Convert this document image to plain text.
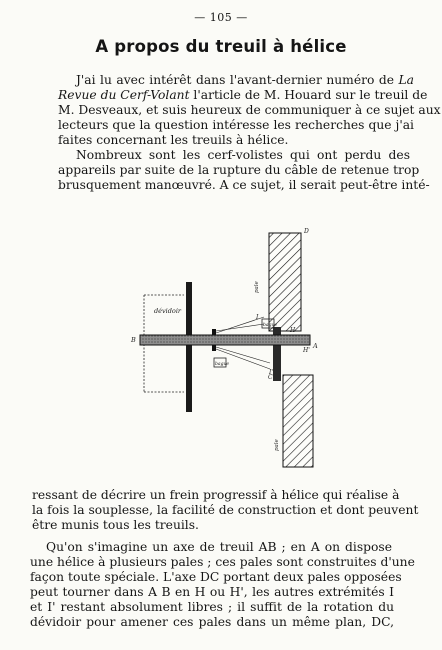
— 105 —
A propos du treuil à hélice
J'ai lu avec intérêt dans l'avant-dernier numéro de La
Revue du Cerf-Volant l'article de M. Houard sur le treuil de
M. Desveaux, et suis heureux de communiquer à ce sujet aux
lecteurs que la question intéresse les recherches que j'ai
faites concernant les treuils à hélice.
Nombreux sont les cerf-volistes qui ont perdu des
appareils par suite de la rupture du câble de retenue trop
brusquement manœuvré. A ce sujet, il serait peut-être inté-
dévidoir
D
pale
pale
C
bague
bague
B
A
I
I'
H
H'
ressant de décrire un frein progressif à hélice qui réalise à
la fois la souplesse, la facilité de construction et dont peuvent
être munis tous les treuils.
Qu'on s'imagine un axe de treuil AB ; en A on dispose
une hélice à plusieurs pales ; ces pales sont construites d'une
façon toute spéciale. L'axe DC portant deux pales opposées
peut tourner dans A B en H ou H', les autres extrémités I
et I' restant absolument libres ; il suffit de la rotation du
dévidoir pour amener ces pales dans un même plan, DC,
